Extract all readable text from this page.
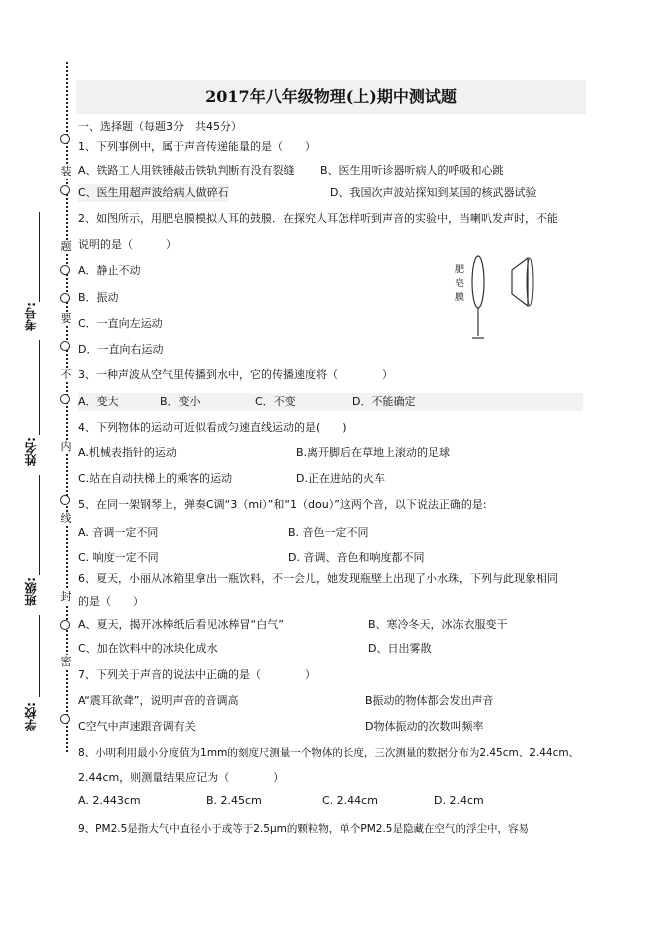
装
题
要
不
内
线
封
密
考号:
姓名:
班级:
学校:
2017年八年级物理(上)期中测试题
一、选择题（每题3分　共45分）
1、下列事例中，属于声音传递能量的是（　　）
A、铁路工人用铁锤敲击铁轨判断有没有裂缝 B、医生用听诊器听病人的呼吸和心跳
C、医生用超声波给病人做碎石	D、我国次声波站探知到某国的核武器试验
2、如图所示，用肥皂膜模拟人耳的鼓膜．在探究人耳怎样听到声音的实验中，当喇叭发声时，不能
说明的是（　　　）
A．静止不动
B．振动
C．一直向左运动
D．一直向右运动
肥
皂
膜
3、一种声波从空气里传播到水中，它的传播速度将（　　　　）
A．变大	B．变小	C．不变	D．不能确定
4、下列物体的运动可近似看成匀速直线运动的是(　　)
A.机械表指针的运动	B.离开脚后在草地上滚动的足球
C.站在自动扶梯上的乘客的运动	D.正在进站的火车
5、在同一架钢琴上，弹奏C调“3（mi）”和“1（dou）”这两个音，以下说法正确的是:
A. 音调一定不同	B. 音色一定不同
C. 响度一定不同	D. 音调、音色和响度都不同
6、夏天，小丽从冰箱里拿出一瓶饮料，不一会儿，她发现瓶壁上出现了小水珠，下列与此现象相同
的是（　　）
A、夏天，揭开冰棒纸后看见冰棒冒“白气”	B、寒冷冬天，冰冻衣服变干
C、加在饮料中的冰块化成水	D、日出雾散
7、下列关于声音的说法中正确的是（　　　　）
A“震耳欲聋”，说明声音的音调高	B振动的物体都会发出声音
C空气中声速跟音调有关	D物体振动的次数叫频率
8、小明利用最小分度值为1mm的刻度尺测量一个物体的长度，三次测量的数据分布为2.45cm、2.44cm、
2.44cm，则测量结果应记为（　　　　）
A. 2.443cm	B. 2.45cm	C. 2.44cm	D. 2.4cm
9、PM2.5是指大气中直径小于或等于2.5μm的颗粒物，单个PM2.5是隐藏在空气的浮尘中，容易
